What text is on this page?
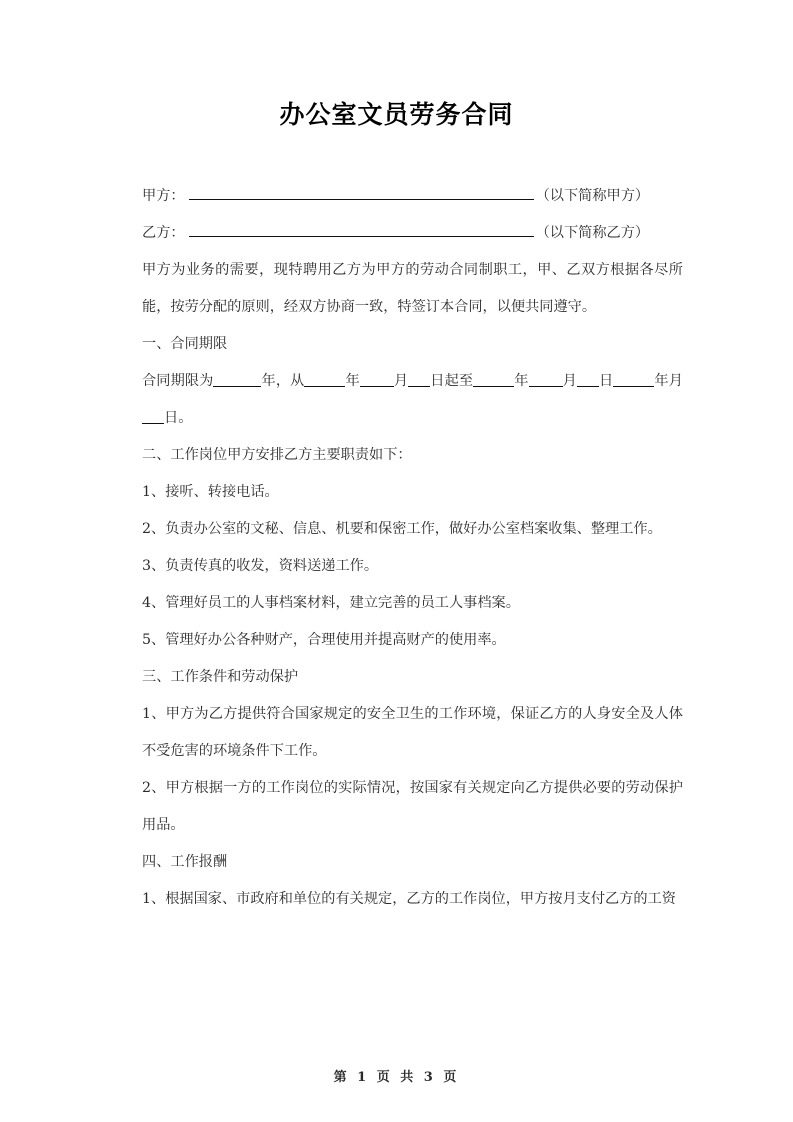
办公室文员劳务合同
甲方：	（以下简称甲方）
乙方：	（以下简称乙方）
甲方为业务的需要，现特聘用乙方为甲方的劳动合同制职工，甲、乙双方根据各尽所能，按劳分配的原则，经双方协商一致，特签订本合同，以便共同遵守。
一、合同期限
合同期限为	年，从	年 月 日起至	年 月 日	年月日。
二、工作岗位甲方安排乙方主要职责如下：
1、接听、转接电话。
2、负责办公室的文秘、信息、机要和保密工作，做好办公室档案收集、整理工作。
3、负责传真的收发，资料送递工作。
4、管理好员工的人事档案材料，建立完善的员工人事档案。
5、管理好办公各种财产，合理使用并提高财产的使用率。
三、工作条件和劳动保护
1、甲方为乙方提供符合国家规定的安全卫生的工作环境，保证乙方的人身安全及人体不受危害的环境条件下工作。
2、甲方根据一方的工作岗位的实际情况，按国家有关规定向乙方提供必要的劳动保护用品。
四、工作报酬
1、根据国家、市政府和单位的有关规定，乙方的工作岗位，甲方按月支付乙方的工资
第 1 页 共 3 页
